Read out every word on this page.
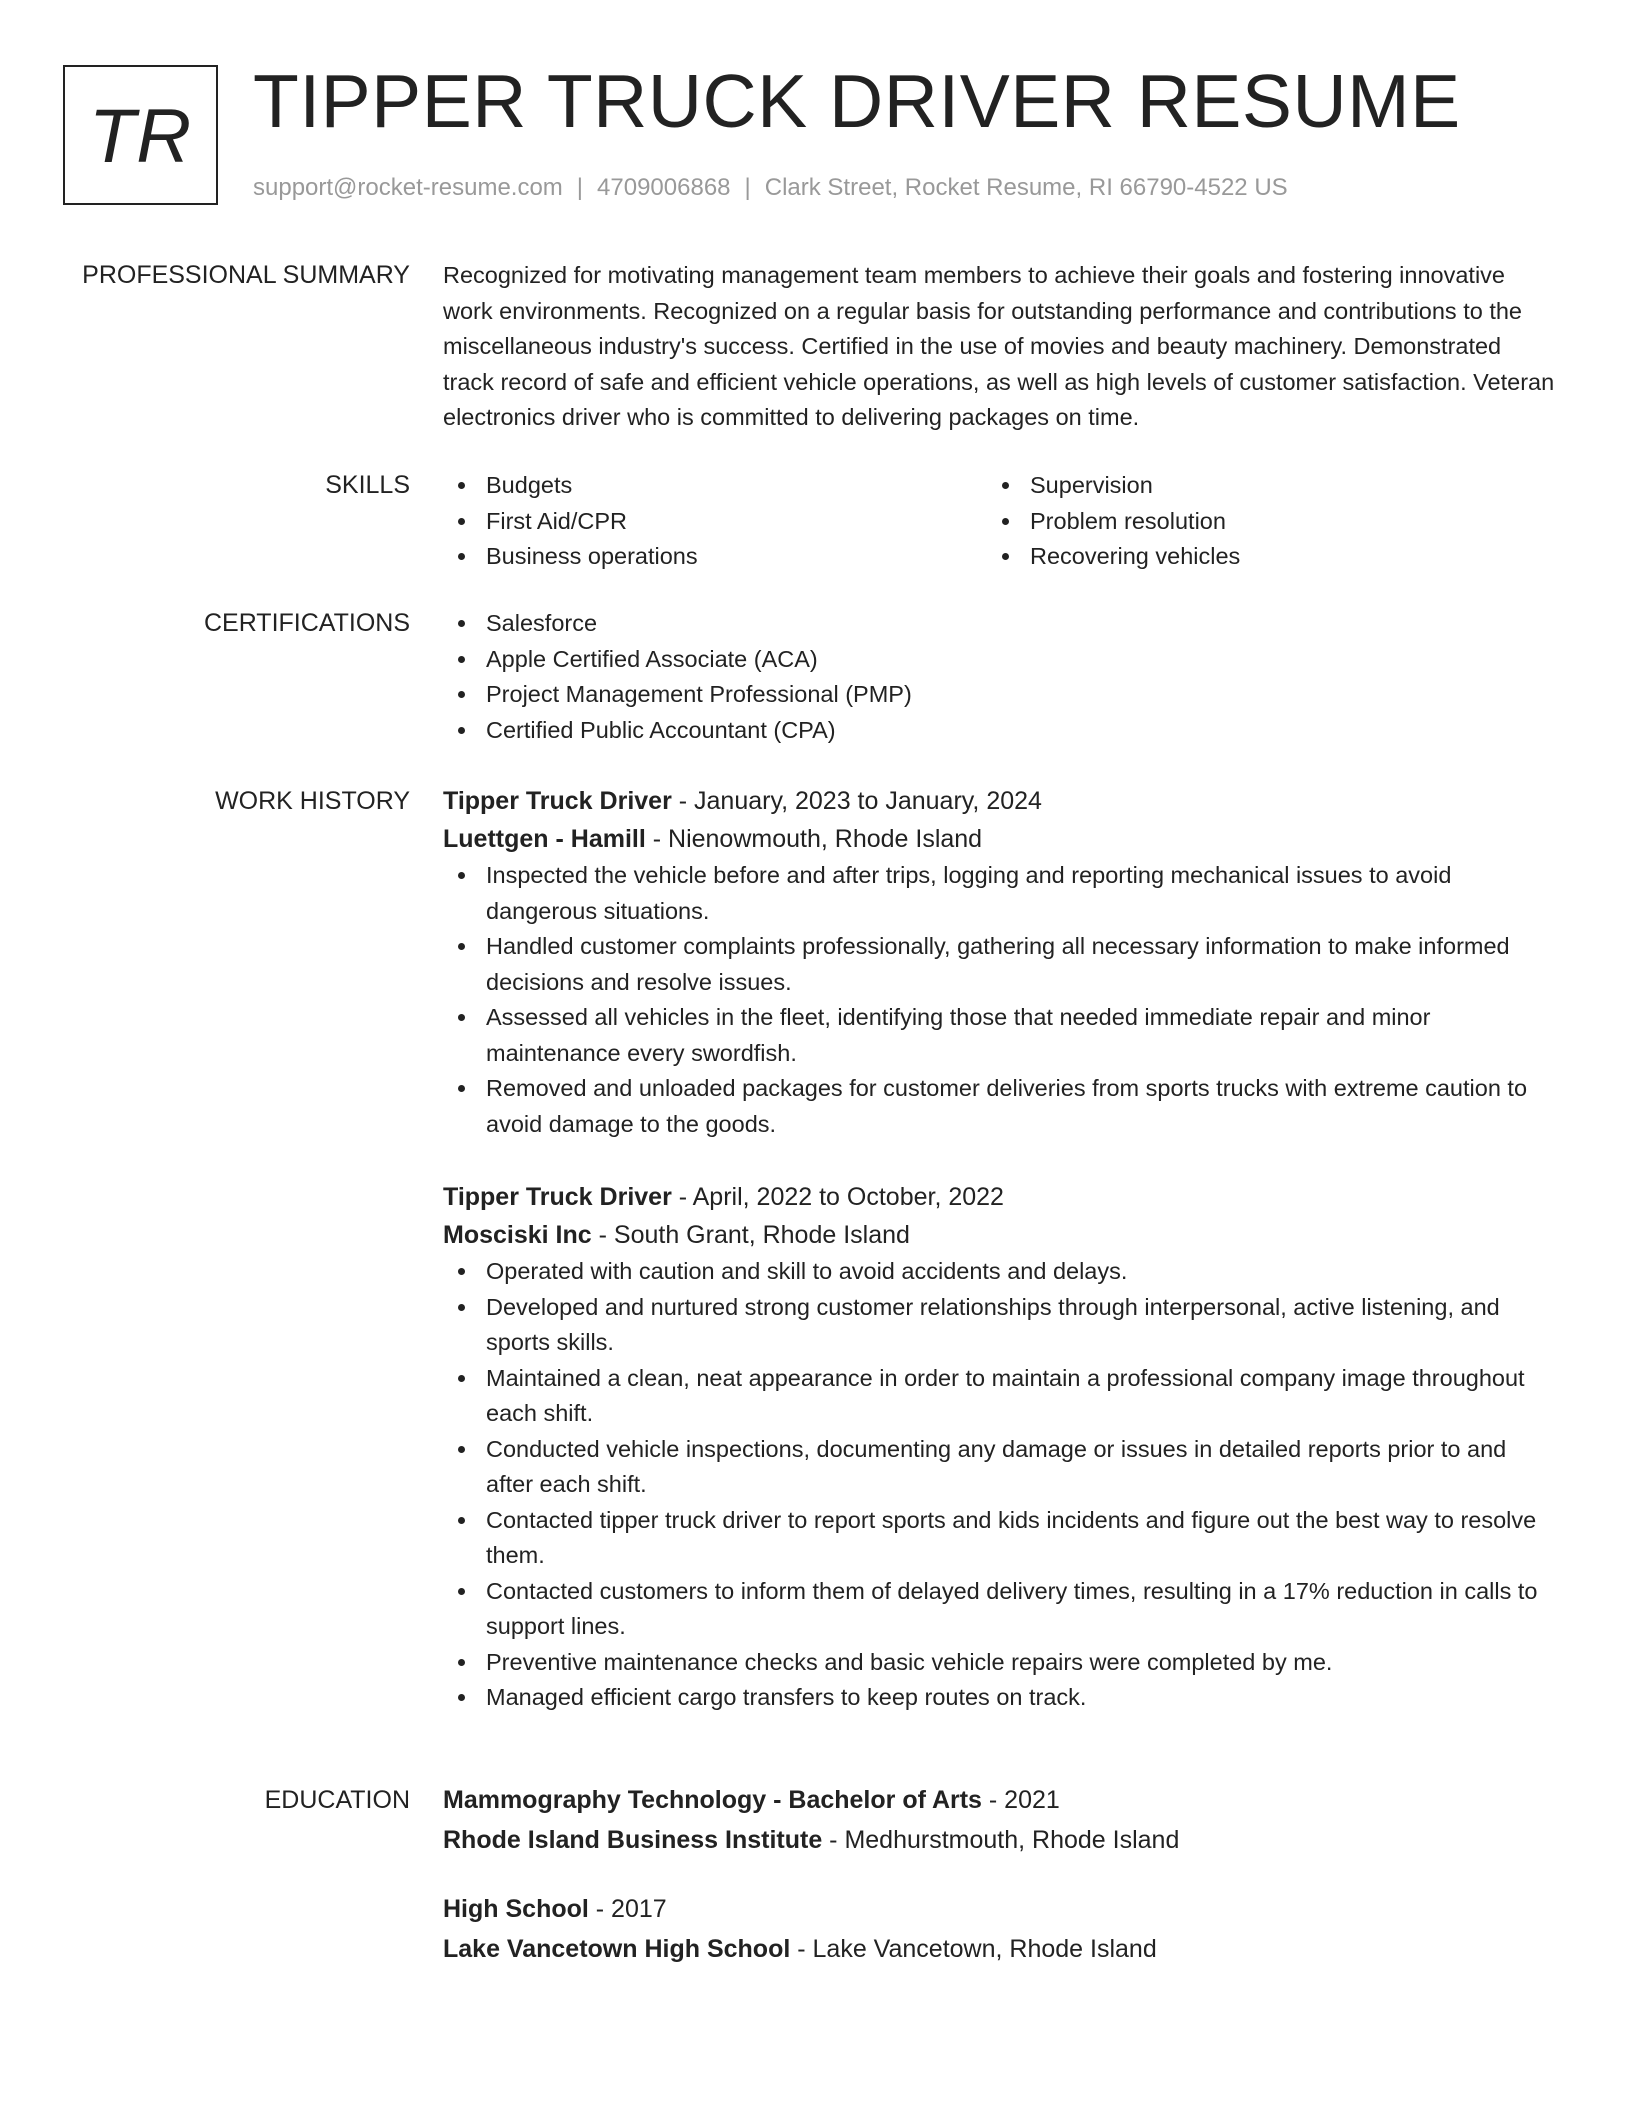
TR TIPPER TRUCK DRIVER RESUME
support@rocket-resume.com | 4709006868 | Clark Street, Rocket Resume, RI 66790-4522 US
PROFESSIONAL SUMMARY Recognized for motivating management team members to achieve their goals and fostering innovative work environments. Recognized on a regular basis for outstanding performance and contributions to the miscellaneous industry's success. Certified in the use of movies and beauty machinery. Demonstrated track record of safe and efficient vehicle operations, as well as high levels of customer satisfaction. Veteran electronics driver who is committed to delivering packages on time.

SKILLS	Budgets
First Aid/CPR
Business operations
Supervision
Problem resolution
Recovering vehicles
CERTIFICATIONS	Salesforce
Apple Certified Associate (ACA)
Project Management Professional (PMP)
Certified Public Accountant (CPA)
WORK HISTORY Tipper Truck Driver - January, 2023 to January, 2024
Luettgen - Hamill - Nienowmouth, Rhode Island
Inspected the vehicle before and after trips, logging and reporting mechanical issues to avoid dangerous situations.
Handled customer complaints professionally, gathering all necessary information to make informed decisions and resolve issues.
Assessed all vehicles in the fleet, identifying those that needed immediate repair and minor maintenance every swordfish.
Removed and unloaded packages for customer deliveries from sports trucks with extreme caution to avoid damage to the goods.
Tipper Truck Driver - April, 2022 to October, 2022
Mosciski Inc - South Grant, Rhode Island
Operated with caution and skill to avoid accidents and delays.
Developed and nurtured strong customer relationships through interpersonal, active listening, and sports skills.
Maintained a clean, neat appearance in order to maintain a professional company image throughout each shift.
Conducted vehicle inspections, documenting any damage or issues in detailed reports prior to and after each shift.
Contacted tipper truck driver to report sports and kids incidents and figure out the best way to resolve them.
Contacted customers to inform them of delayed delivery times, resulting in a 17% reduction in calls to support lines.
Preventive maintenance checks and basic vehicle repairs were completed by me.
Managed efficient cargo transfers to keep routes on track.
EDUCATION Mammography Technology - Bachelor of Arts - 2021
Rhode Island Business Institute - Medhurstmouth, Rhode Island
High School - 2017
Lake Vancetown High School - Lake Vancetown, Rhode Island
